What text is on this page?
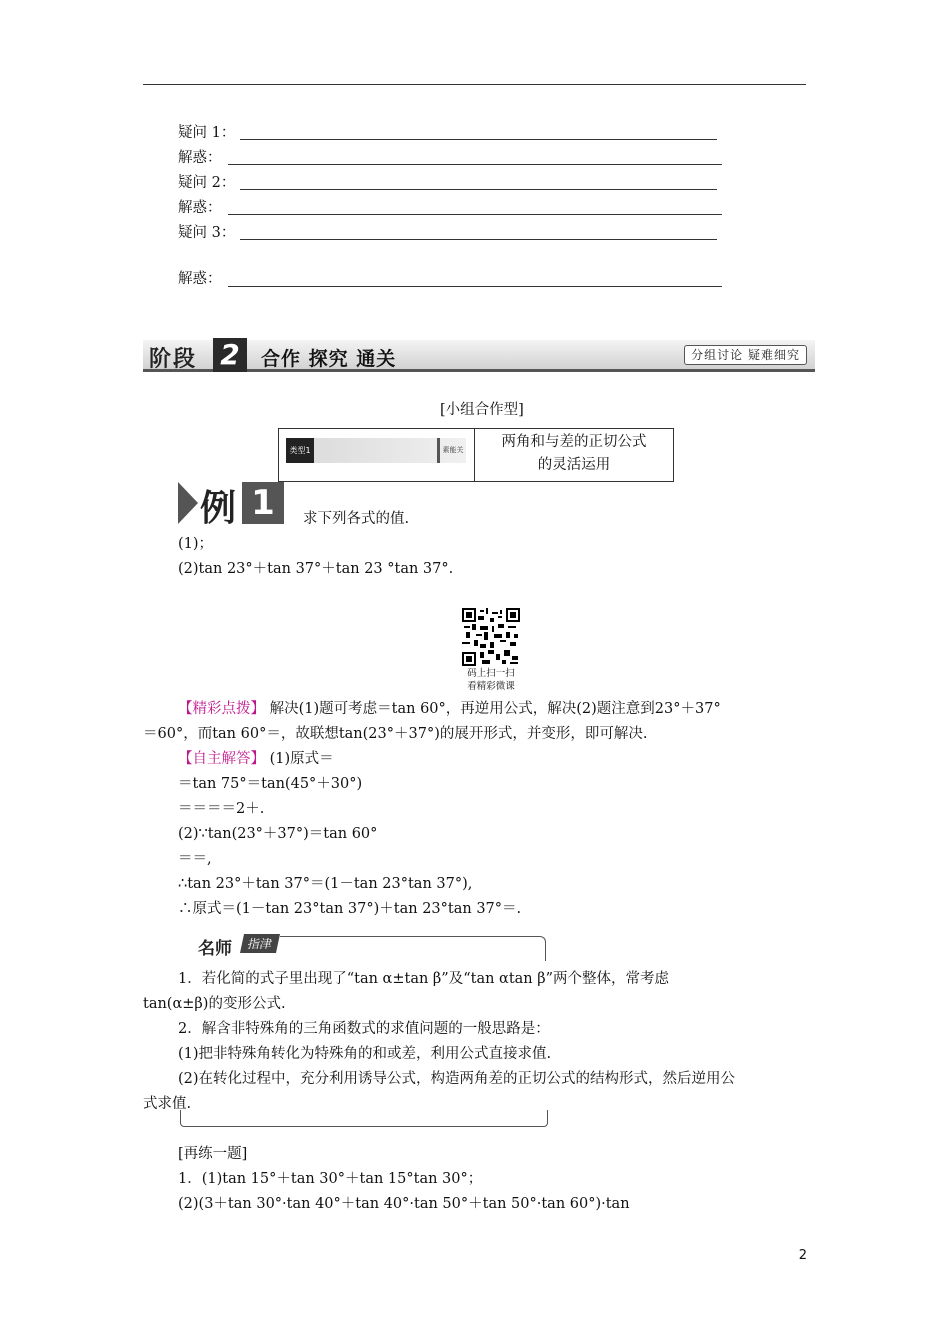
疑问 1：
解惑：
疑问 2：
解惑：
疑问 3：
解惑：
阶段 2	合作 探究 通关	分组讨论 疑难细究
[小组合作型]
类型1	素能关	两角和与差的正切公式
的灵活运用
例 1	求下列各式的值.
(1)；
(2)tan 23°＋tan 37°＋tan 23 °tan 37°.
码上扫一扫
看精彩微课
【精彩点拨】 解决(1)题可考虑＝tan 60°，再逆用公式，解决(2)题注意到23°＋37°
＝60°，而tan 60°＝，故联想tan(23°＋37°)的展开形式，并变形，即可解决.
【自主解答】 (1)原式＝
＝tan 75°＝tan(45°＋30°)
＝＝＝＝2＋.
(2)∵tan(23°＋37°)＝tan 60°
＝＝,
∴tan 23°＋tan 37°＝(1－tan 23°tan 37°),
∴原式＝(1－tan 23°tan 37°)＋tan 23°tan 37°＝.
名师	指津
1．若化简的式子里出现了“tan α±tan β”及“tan αtan β”两个整体，常考虑
tan(α±β)的变形公式.
2．解含非特殊角的三角函数式的求值问题的一般思路是：
(1)把非特殊角转化为特殊角的和或差，利用公式直接求值.
(2)在转化过程中，充分利用诱导公式，构造两角差的正切公式的结构形式，然后逆用公
式求值.
[再练一题]
1．(1)tan 15°＋tan 30°＋tan 15°tan 30°；
(2)(3＋tan 30°·tan 40°＋tan 40°·tan 50°＋tan 50°·tan 60°)·tan
2
